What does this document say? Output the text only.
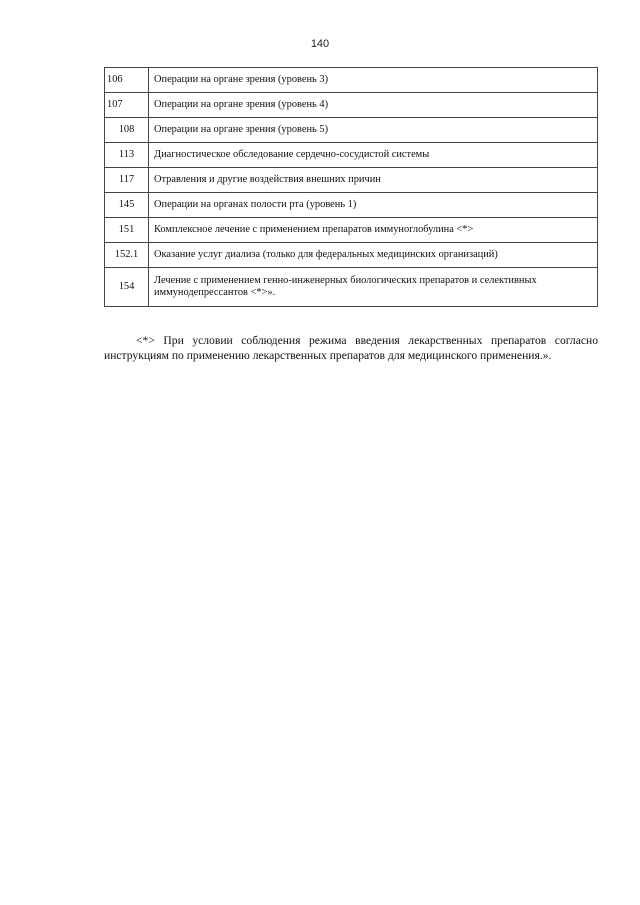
140
106	Операции на органе зрения (уровень 3)
107	Операции на органе зрения (уровень 4)
108	Операции на органе зрения (уровень 5)
113	Диагностическое обследование сердечно-сосудистой системы
117	Отравления и другие воздействия внешних причин
145	Операции на органах полости рта (уровень 1)
151	Комплексное лечение с применением препаратов иммуноглобулина <*>
152.1	Оказание услуг диализа (только для федеральных медицинских организаций)
154	Лечение с применением генно-инженерных биологических препаратов и селективных иммунодепрессантов <*>».

<*> При условии соблюдения режима введения лекарственных препаратов согласно инструкциям по применению лекарственных препаратов для медицинского применения.».
